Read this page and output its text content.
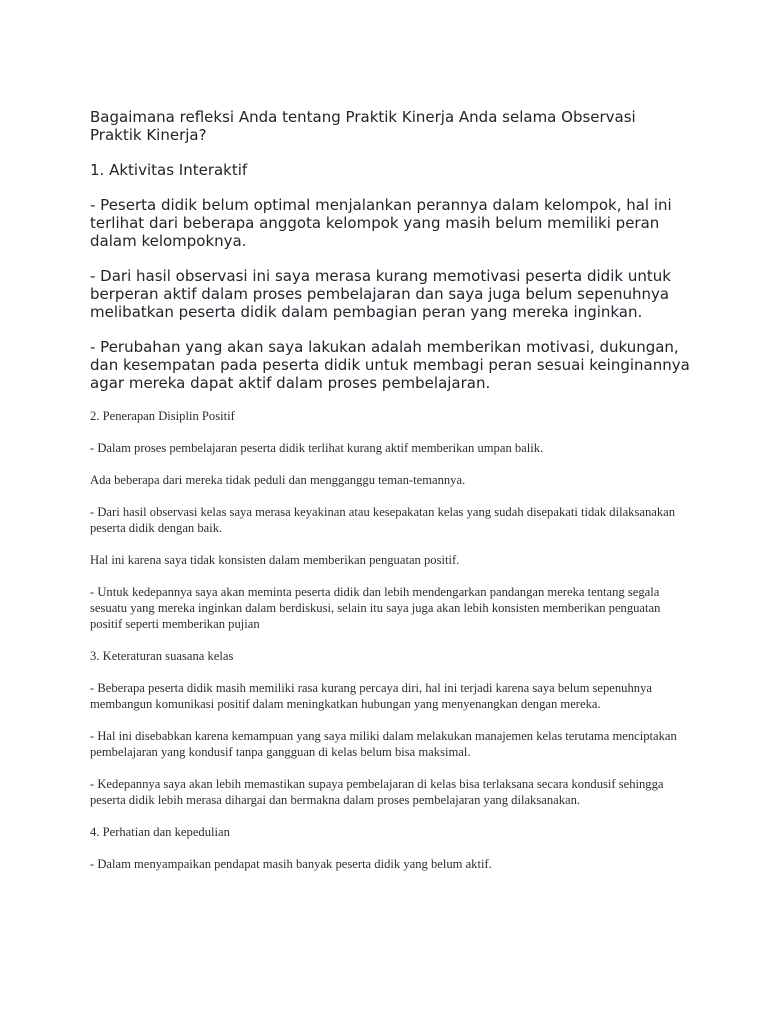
Bagaimana refleksi Anda tentang Praktik Kinerja Anda selama Observasi Praktik Kinerja?

1. Aktivitas Interaktif

- Peserta didik belum optimal menjalankan perannya dalam kelompok, hal ini terlihat dari beberapa anggota kelompok yang masih belum memiliki peran dalam kelompoknya.

- Dari hasil observasi ini saya merasa kurang memotivasi peserta didik untuk berperan aktif dalam proses pembelajaran dan saya juga belum sepenuhnya melibatkan peserta didik dalam pembagian peran yang mereka inginkan.

- Perubahan yang akan saya lakukan adalah memberikan motivasi, dukungan, dan kesempatan pada peserta didik untuk membagi peran sesuai keinginannya agar mereka dapat aktif dalam proses pembelajaran.

2. Penerapan Disiplin Positif

- Dalam proses pembelajaran peserta didik terlihat kurang aktif memberikan umpan balik.

Ada beberapa dari mereka tidak peduli dan mengganggu teman-temannya.

- Dari hasil observasi kelas saya merasa keyakinan atau kesepakatan kelas yang sudah disepakati tidak dilaksanakan peserta didik dengan baik.

Hal ini karena saya tidak konsisten dalam memberikan penguatan positif.

- Untuk kedepannya saya akan meminta peserta didik dan lebih mendengarkan pandangan mereka tentang segala sesuatu yang mereka inginkan dalam berdiskusi, selain itu saya juga akan lebih konsisten memberikan penguatan positif seperti memberikan pujian

3. Keteraturan suasana kelas

- Beberapa peserta didik masih memiliki rasa kurang percaya diri, hal ini terjadi karena saya belum sepenuhnya membangun komunikasi positif dalam meningkatkan hubungan yang menyenangkan dengan mereka.

- Hal ini disebabkan karena kemampuan yang saya miliki dalam melakukan manajemen kelas terutama menciptakan pembelajaran yang kondusif tanpa gangguan di kelas belum bisa maksimal.

- Kedepannya saya akan lebih memastikan supaya pembelajaran di kelas bisa terlaksana secara kondusif sehingga peserta didik lebih merasa dihargai dan bermakna dalam proses pembelajaran yang dilaksanakan.

4. Perhatian dan kepedulian

- Dalam menyampaikan pendapat masih banyak peserta didik yang belum aktif.
